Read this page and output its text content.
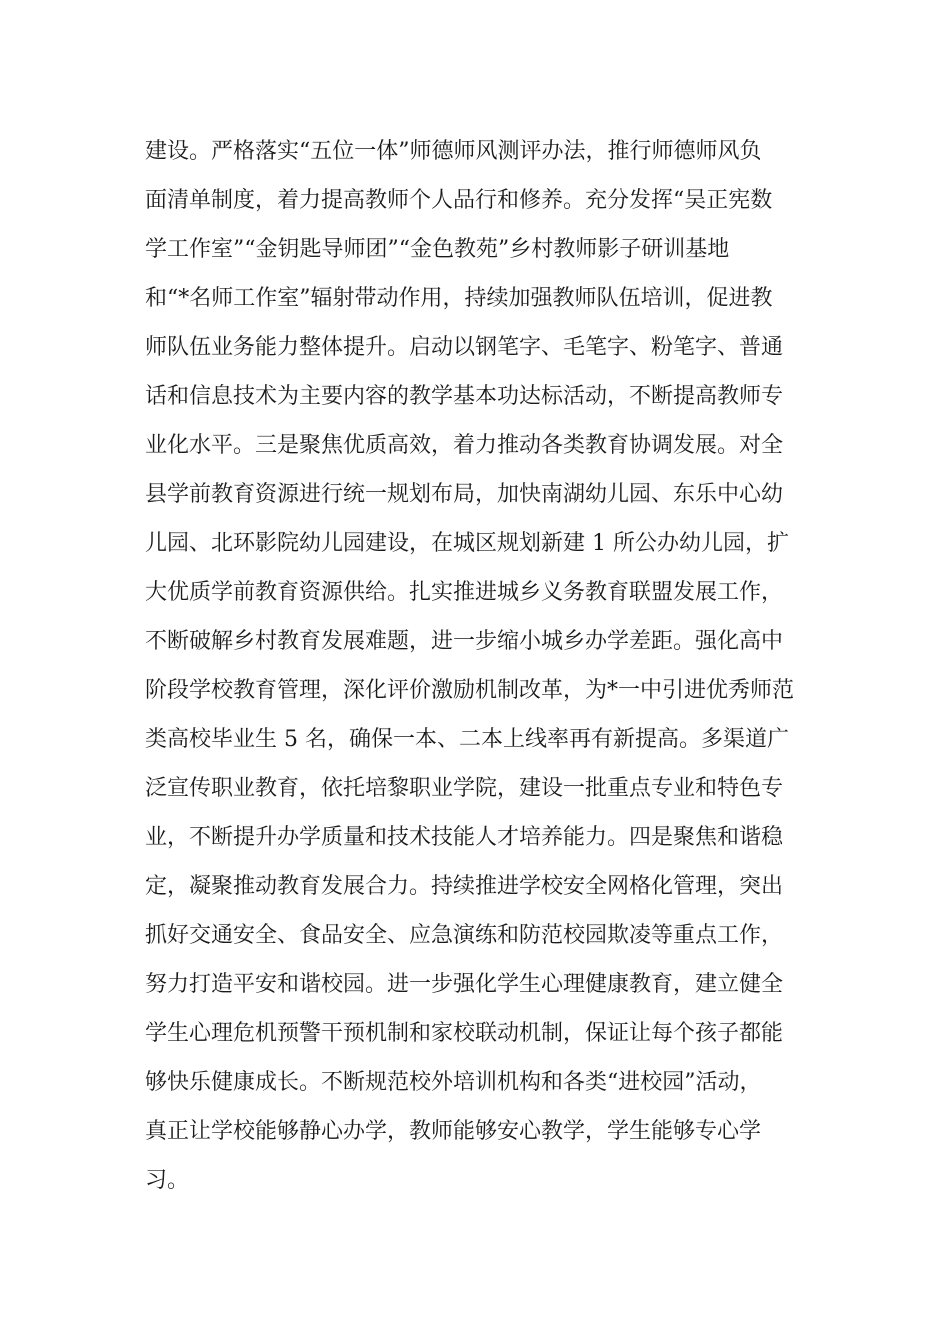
建设。严格落实“五位一体”师德师风测评办法，推行师德师风负
面清单制度，着力提高教师个人品行和修养。充分发挥“吴正宪数
学工作室”“金钥匙导师团”“金色教苑”乡村教师影子研训基地
和“*名师工作室”辐射带动作用，持续加强教师队伍培训，促进教
师队伍业务能力整体提升。启动以钢笔字、毛笔字、粉笔字、普通
话和信息技术为主要内容的教学基本功达标活动，不断提高教师专
业化水平。三是聚焦优质高效，着力推动各类教育协调发展。对全
县学前教育资源进行统一规划布局，加快南湖幼儿园、东乐中心幼
儿园、北环影院幼儿园建设，在城区规划新建 1 所公办幼儿园，扩
大优质学前教育资源供给。扎实推进城乡义务教育联盟发展工作，
不断破解乡村教育发展难题，进一步缩小城乡办学差距。强化高中
阶段学校教育管理，深化评价激励机制改革，为*一中引进优秀师范
类高校毕业生 5 名，确保一本、二本上线率再有新提高。多渠道广
泛宣传职业教育，依托培黎职业学院，建设一批重点专业和特色专
业，不断提升办学质量和技术技能人才培养能力。四是聚焦和谐稳
定，凝聚推动教育发展合力。持续推进学校安全网格化管理，突出
抓好交通安全、食品安全、应急演练和防范校园欺凌等重点工作，
努力打造平安和谐校园。进一步强化学生心理健康教育，建立健全
学生心理危机预警干预机制和家校联动机制，保证让每个孩子都能
够快乐健康成长。不断规范校外培训机构和各类“进校园”活动，
真正让学校能够静心办学，教师能够安心教学，学生能够专心学
习。
